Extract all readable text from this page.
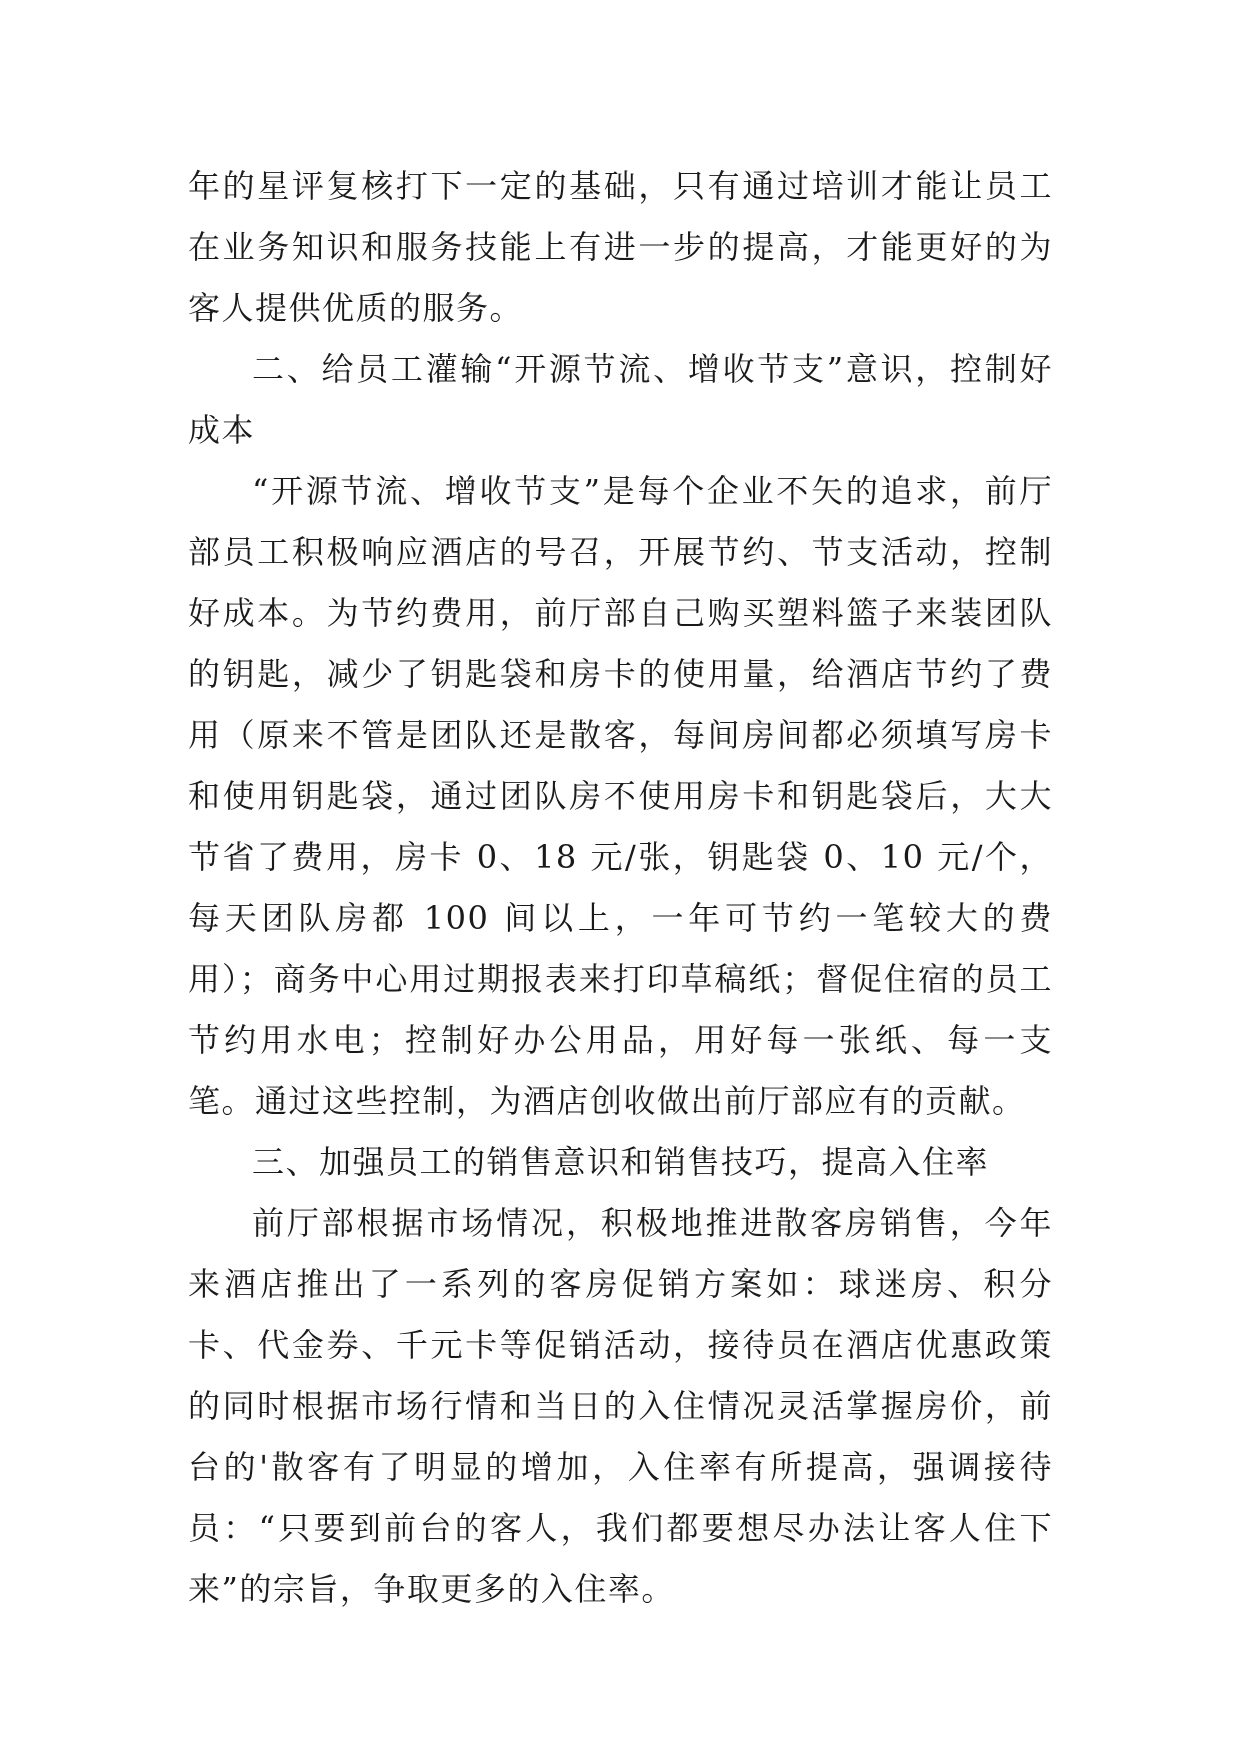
年的星评复核打下一定的基础，只有通过培训才能让员工在业务知识和服务技能上有进一步的提高，才能更好的为客人提供优质的服务。

二、给员工灌输“开源节流、增收节支”意识，控制好成本

“开源节流、增收节支”是每个企业不矢的追求，前厅部员工积极响应酒店的号召，开展节约、节支活动，控制好成本。为节约费用，前厅部自己购买塑料篮子来装团队的钥匙，减少了钥匙袋和房卡的使用量，给酒店节约了费用（原来不管是团队还是散客，每间房间都必须填写房卡和使用钥匙袋，通过团队房不使用房卡和钥匙袋后，大大节省了费用，房卡 0、18 元/张，钥匙袋 0、10 元/个，每天团队房都 100 间以上，一年可节约一笔较大的费用）；商务中心用过期报表来打印草稿纸；督促住宿的员工节约用水电；控制好办公用品，用好每一张纸、每一支笔。通过这些控制，为酒店创收做出前厅部应有的贡献。

三、加强员工的销售意识和销售技巧，提高入住率

前厅部根据市场情况，积极地推进散客房销售，今年来酒店推出了一系列的客房促销方案如：球迷房、积分卡、代金券、千元卡等促销活动，接待员在酒店优惠政策的同时根据市场行情和当日的入住情况灵活掌握房价，前台的'散客有了明显的增加，入住率有所提高，强调接待员：“只要到前台的客人，我们都要想尽办法让客人住下来”的宗旨，争取更多的入住率。
